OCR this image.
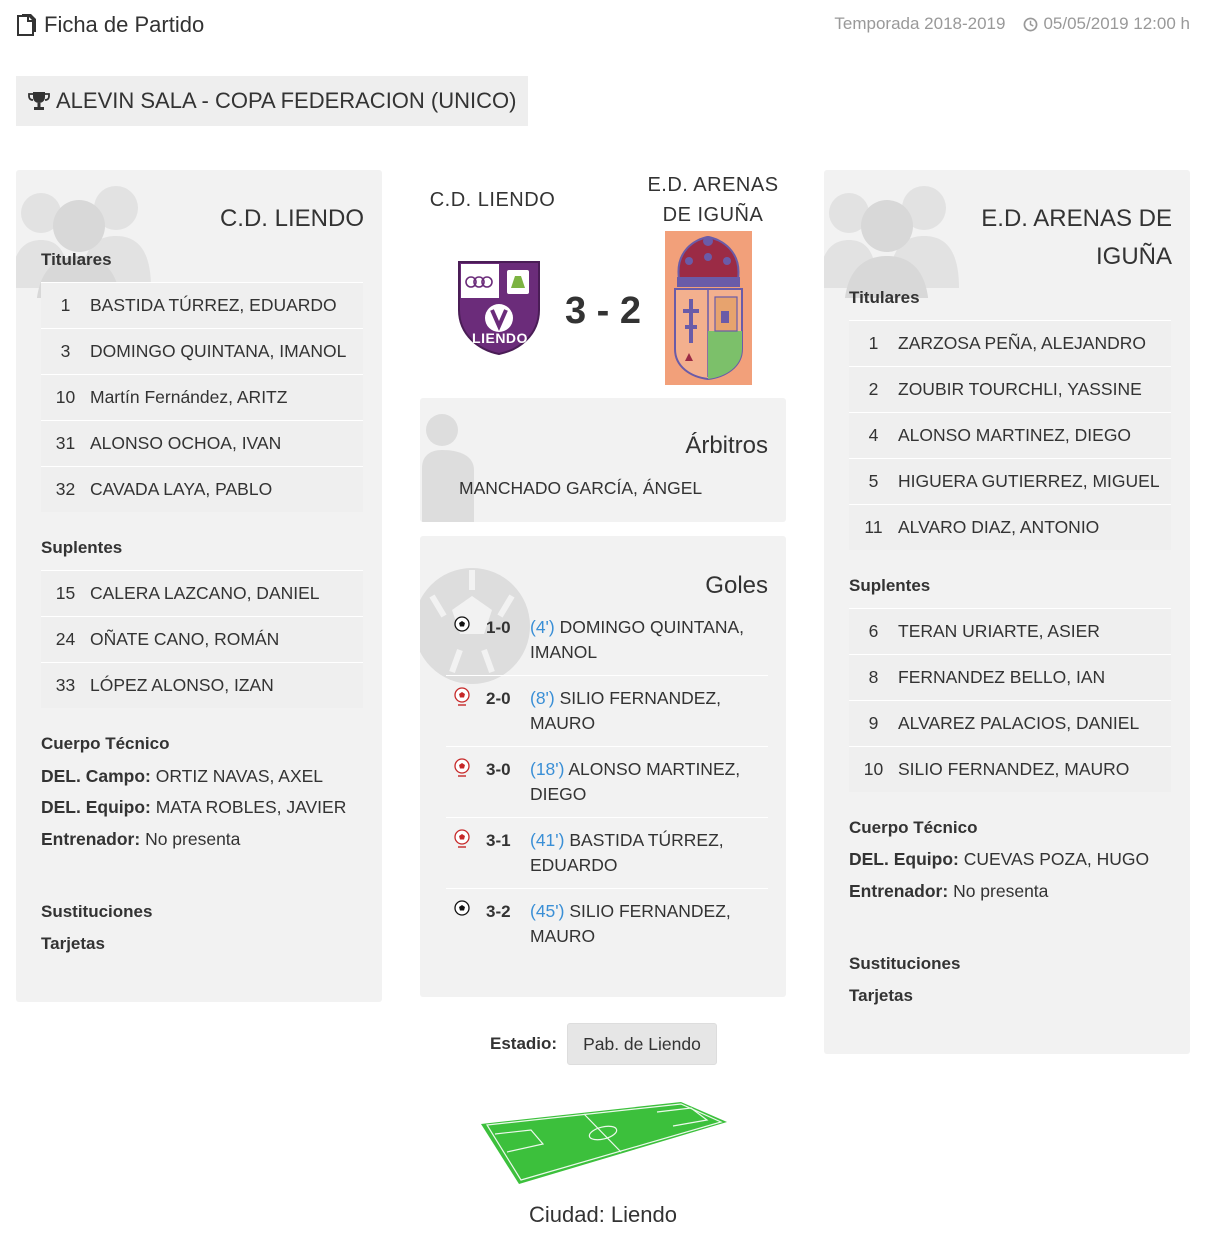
Ficha de Partido	Temporada 2018-2019 05/05/2019 12:00 h
ALEVIN SALA - COPA FEDERACION (UNICO)
C.D. LIENDO
Titulares
1	BASTIDA TÚRREZ, EDUARDO
3	DOMINGO QUINTANA, IMANOL
10 Martín Fernández, ARITZ
31 ALONSO OCHOA, IVAN
32 CAVADA LAYA, PABLO
Suplentes
15 CALERA LAZCANO, DANIEL
24 OÑATE CANO, ROMÁN
33 LÓPEZ ALONSO, IZAN
Cuerpo Técnico
DEL. Campo: ORTIZ NAVAS, AXEL
DEL. Equipo: MATA ROBLES, JAVIER
Entrenador: No presenta
Sustituciones
Tarjetas
C.D. LIENDO
E.D. ARENAS
DE IGUÑA
LIENDO
3 - 2
Árbitros
MANCHADO GARCÍA, ÁNGEL
Goles
1-0	(4') DOMINGO QUINTANA, IMANOL
2-0	(8') SILIO FERNANDEZ, MAURO
3-0	(18') ALONSO MARTINEZ, DIEGO
3-1	(41') BASTIDA TÚRREZ, EDUARDO
3-2	(45') SILIO FERNANDEZ, MAURO
Estadio:	Pab. de Liendo
Ciudad: Liendo
E.D. ARENAS DE
IGUÑA
Titulares
1	ZARZOSA PEÑA, ALEJANDRO
2	ZOUBIR TOURCHLI, YASSINE
4	ALONSO MARTINEZ, DIEGO
5	HIGUERA GUTIERREZ, MIGUEL
11 ALVARO DIAZ, ANTONIO
Suplentes
6	TERAN URIARTE, ASIER
8	FERNANDEZ BELLO, IAN
9	ALVAREZ PALACIOS, DANIEL
10 SILIO FERNANDEZ, MAURO
Cuerpo Técnico
DEL. Equipo: CUEVAS POZA, HUGO
Entrenador: No presenta
Sustituciones
Tarjetas
